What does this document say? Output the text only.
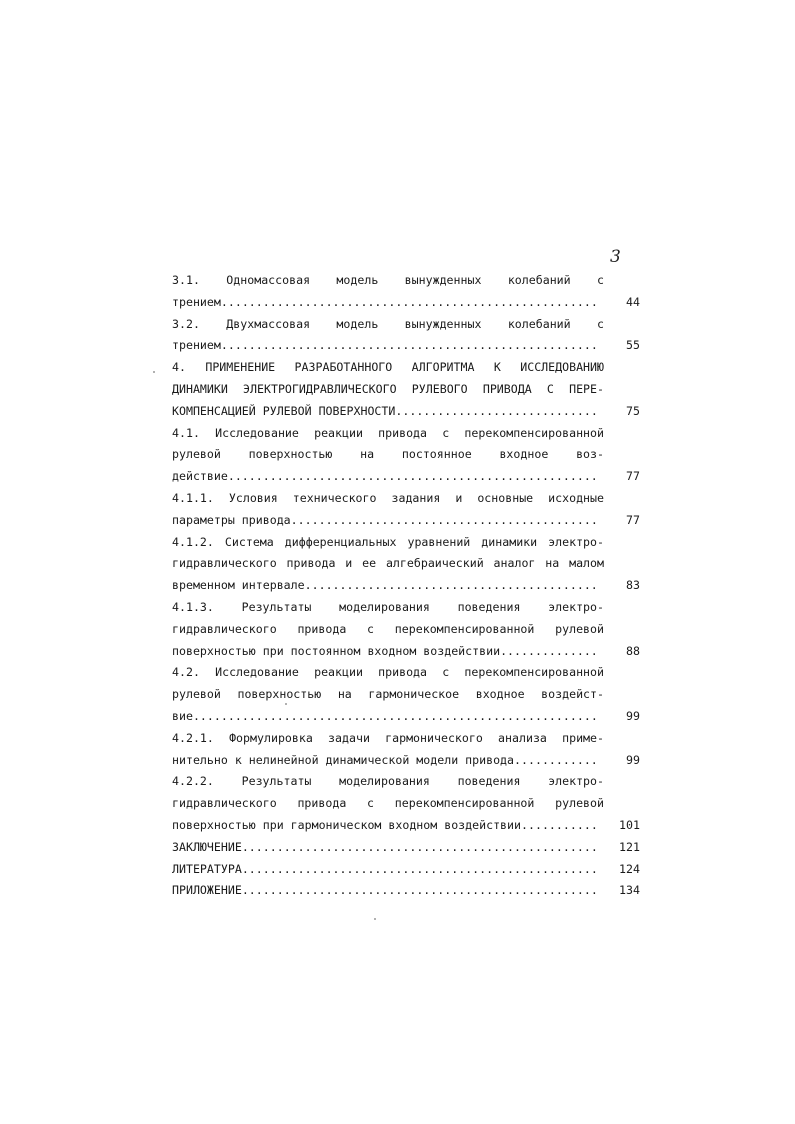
3
3.1. Одномассовая модель вынужденных колебаний с
трением .....	44
3.2. Двухмассовая модель вынужденных колебаний с
трением .....	55
4. ПРИМЕНЕНИЕ РАЗРАБОТАННОГО АЛГОРИТМА К ИССЛЕДОВАНИЮ
ДИНАМИКИ ЭЛЕКТРОГИДРАВЛИЧЕСКОГО РУЛЕВОГО ПРИВОДА С ПЕРЕ-
КОМПЕНСАЦИЕЙ РУЛЕВОЙ ПОВЕРХНОСТИ .....	75
4.1. Исследование реакции привода с перекомпенсированной
рулевой поверхностью на постоянное входное воз-
действие .....	77
4.1.1. Условия технического задания и основные исходные
параметры привода .....	77
4.1.2. Система дифференциальных уравнений динамики электро-
гидравлического привода и ее алгебраический аналог на малом
временном интервале .....	83
4.1.3. Результаты моделирования поведения электро-
гидравлического привода с перекомпенсированной рулевой
поверхностью при постоянном входном воздействии .....	88
4.2. Исследование реакции привода с перекомпенсированной
рулевой поверхностью на гармоническое входное воздейст-
вие .....	99
4.2.1. Формулировка задачи гармонического анализа приме-
нительно к нелинейной динамической модели привода .....	99
4.2.2. Результаты моделирования поведения электро-
гидравлического привода с перекомпенсированной рулевой
поверхностью при гармоническом входном воздействии .....	101
ЗАКЛЮЧЕНИЕ .....	121
ЛИТЕРАТУРА .....	124
ПРИЛОЖЕНИЕ .....	134
